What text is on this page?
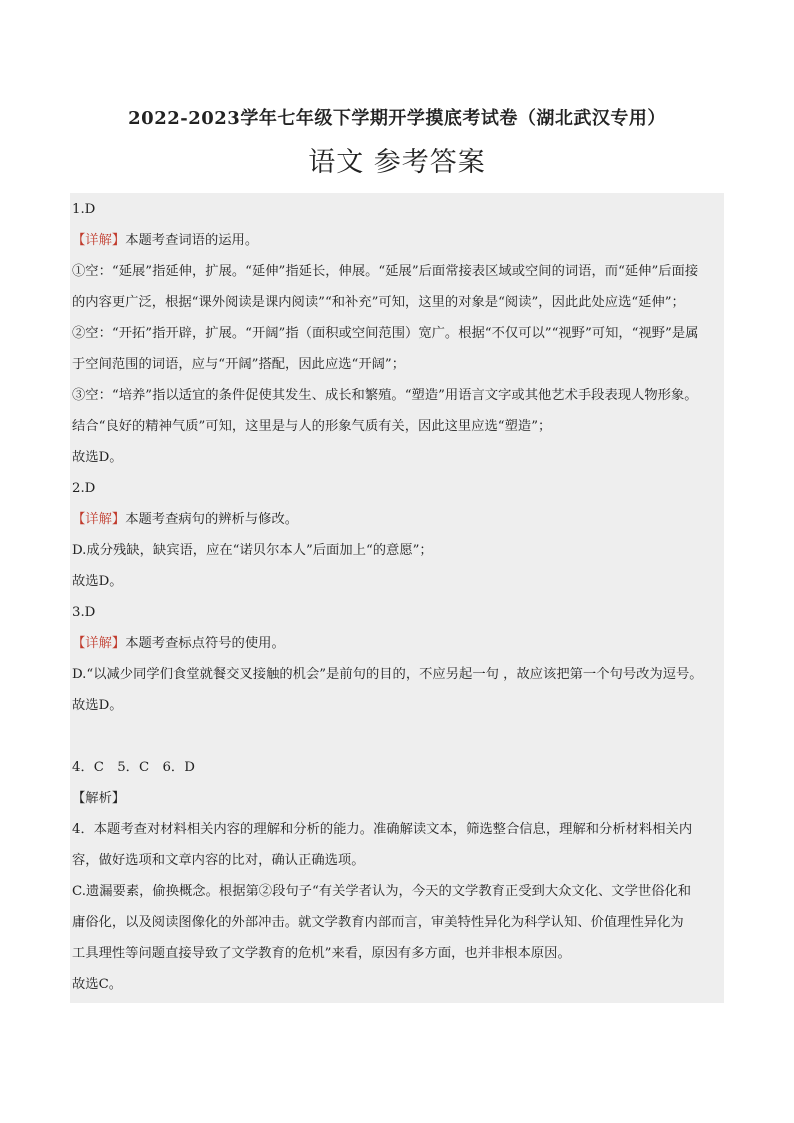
2022-2023学年七年级下学期开学摸底考试卷（湖北武汉专用）
语文 参考答案
1.D
【详解】本题考查词语的运用。
①空：“延展”指延伸，扩展。“延伸”指延长，伸展。“延展”后面常接表区域或空间的词语，而“延伸”后面接
的内容更广泛，根据“课外阅读是课内阅读”“和补充”可知，这里的对象是“阅读”，因此此处应选“延伸”；
②空：“开拓”指开辟，扩展。“开阔”指（面积或空间范围）宽广。根据“不仅可以”“视野”可知，“视野”是属
于空间范围的词语，应与“开阔”搭配，因此应选“开阔”；
③空：“培养”指以适宜的条件促使其发生、成长和繁殖。“塑造”用语言文字或其他艺术手段表现人物形象。
结合“良好的精神气质”可知，这里是与人的形象气质有关，因此这里应选“塑造”；
故选D。
2.D
【详解】本题考查病句的辨析与修改。
D.成分残缺，缺宾语，应在“诺贝尔本人”后面加上“的意愿”；
故选D。
3.D
【详解】本题考查标点符号的使用。
D.“以减少同学们食堂就餐交叉接触的机会”是前句的目的，不应另起一句 ，故应该把第一个句号改为逗号。
故选D。
4．C　5．C　6．D
【解析】
4．本题考查对材料相关内容的理解和分析的能力。准确解读文本，筛选整合信息，理解和分析材料相关内
容，做好选项和文章内容的比对，确认正确选项。
C.遗漏要素，偷换概念。根据第②段句子“有关学者认为，今天的文学教育正受到大众文化、文学世俗化和
庸俗化，以及阅读图像化的外部冲击。就文学教育内部而言，审美特性异化为科学认知、价值理性异化为
工具理性等问题直接导致了文学教育的危机”来看，原因有多方面，也并非根本原因。
故选C。
